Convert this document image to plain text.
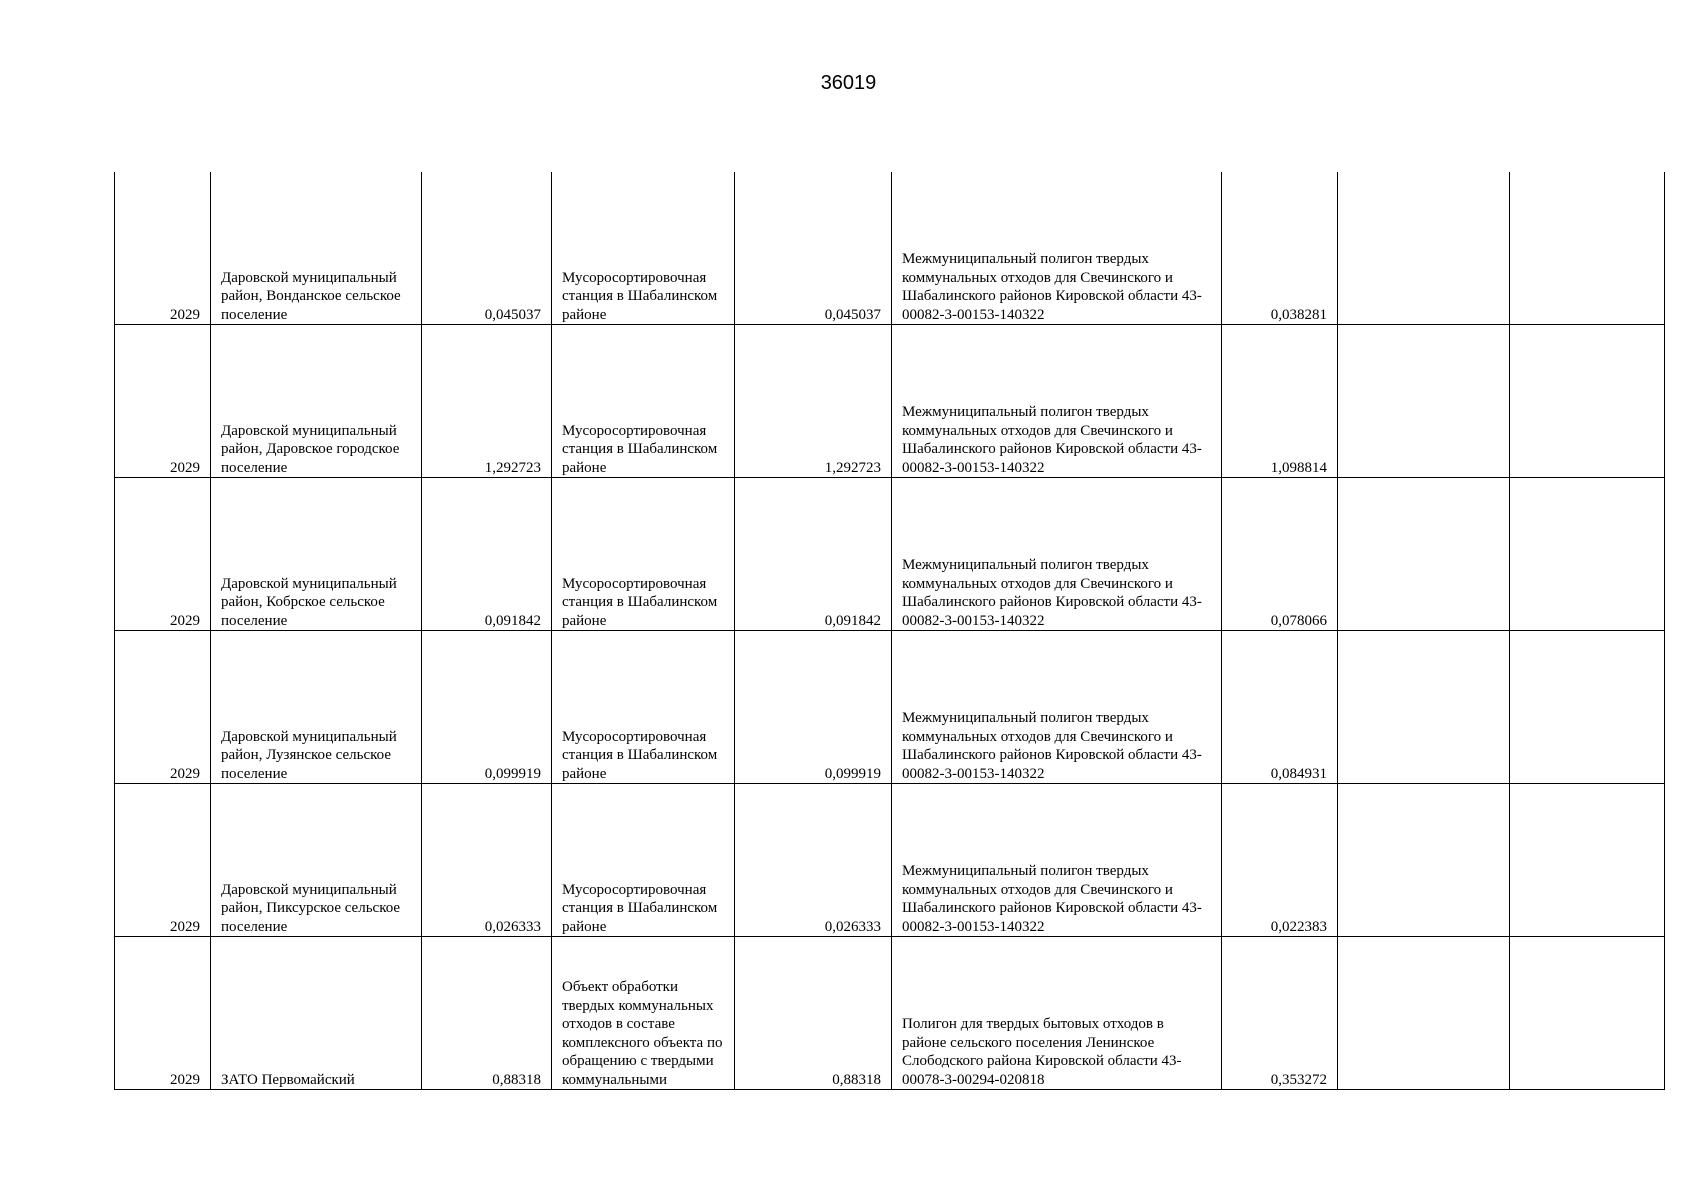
36019
2029	Даровской муниципальный район, Вонданское сельское поселение	0,045037	Мусоросортировочная станция в Шабалинском районе	0,045037	Межмуниципальный полигон твердых коммунальных отходов для Свечинского и Шабалинского районов Кировской области 43-00082-3-00153-140322	0,038281		
2029	Даровской муниципальный район, Даровское городское поселение	1,292723	Мусоросортировочная станция в Шабалинском районе	1,292723	Межмуниципальный полигон твердых коммунальных отходов для Свечинского и Шабалинского районов Кировской области 43-00082-3-00153-140322	1,098814		
2029	Даровской муниципальный район, Кобрское сельское поселение	0,091842	Мусоросортировочная станция в Шабалинском районе	0,091842	Межмуниципальный полигон твердых коммунальных отходов для Свечинского и Шабалинского районов Кировской области 43-00082-3-00153-140322	0,078066		
2029	Даровской муниципальный район, Лузянское сельское поселение	0,099919	Мусоросортировочная станция в Шабалинском районе	0,099919	Межмуниципальный полигон твердых коммунальных отходов для Свечинского и Шабалинского районов Кировской области 43-00082-3-00153-140322	0,084931		
2029	Даровской муниципальный район, Пиксурское сельское поселение	0,026333	Мусоросортировочная станция в Шабалинском районе	0,026333	Межмуниципальный полигон твердых коммунальных отходов для Свечинского и Шабалинского районов Кировской области 43-00082-3-00153-140322	0,022383		
2029	ЗАТО Первомайский	0,88318	Объект обработки твердых коммунальных отходов в составе комплексного объекта по обращению с твердыми коммунальными	0,88318	Полигон для твердых бытовых отходов в районе сельского поселения Ленинское Слободского района Кировской области 43-00078-3-00294-020818	0,353272		
